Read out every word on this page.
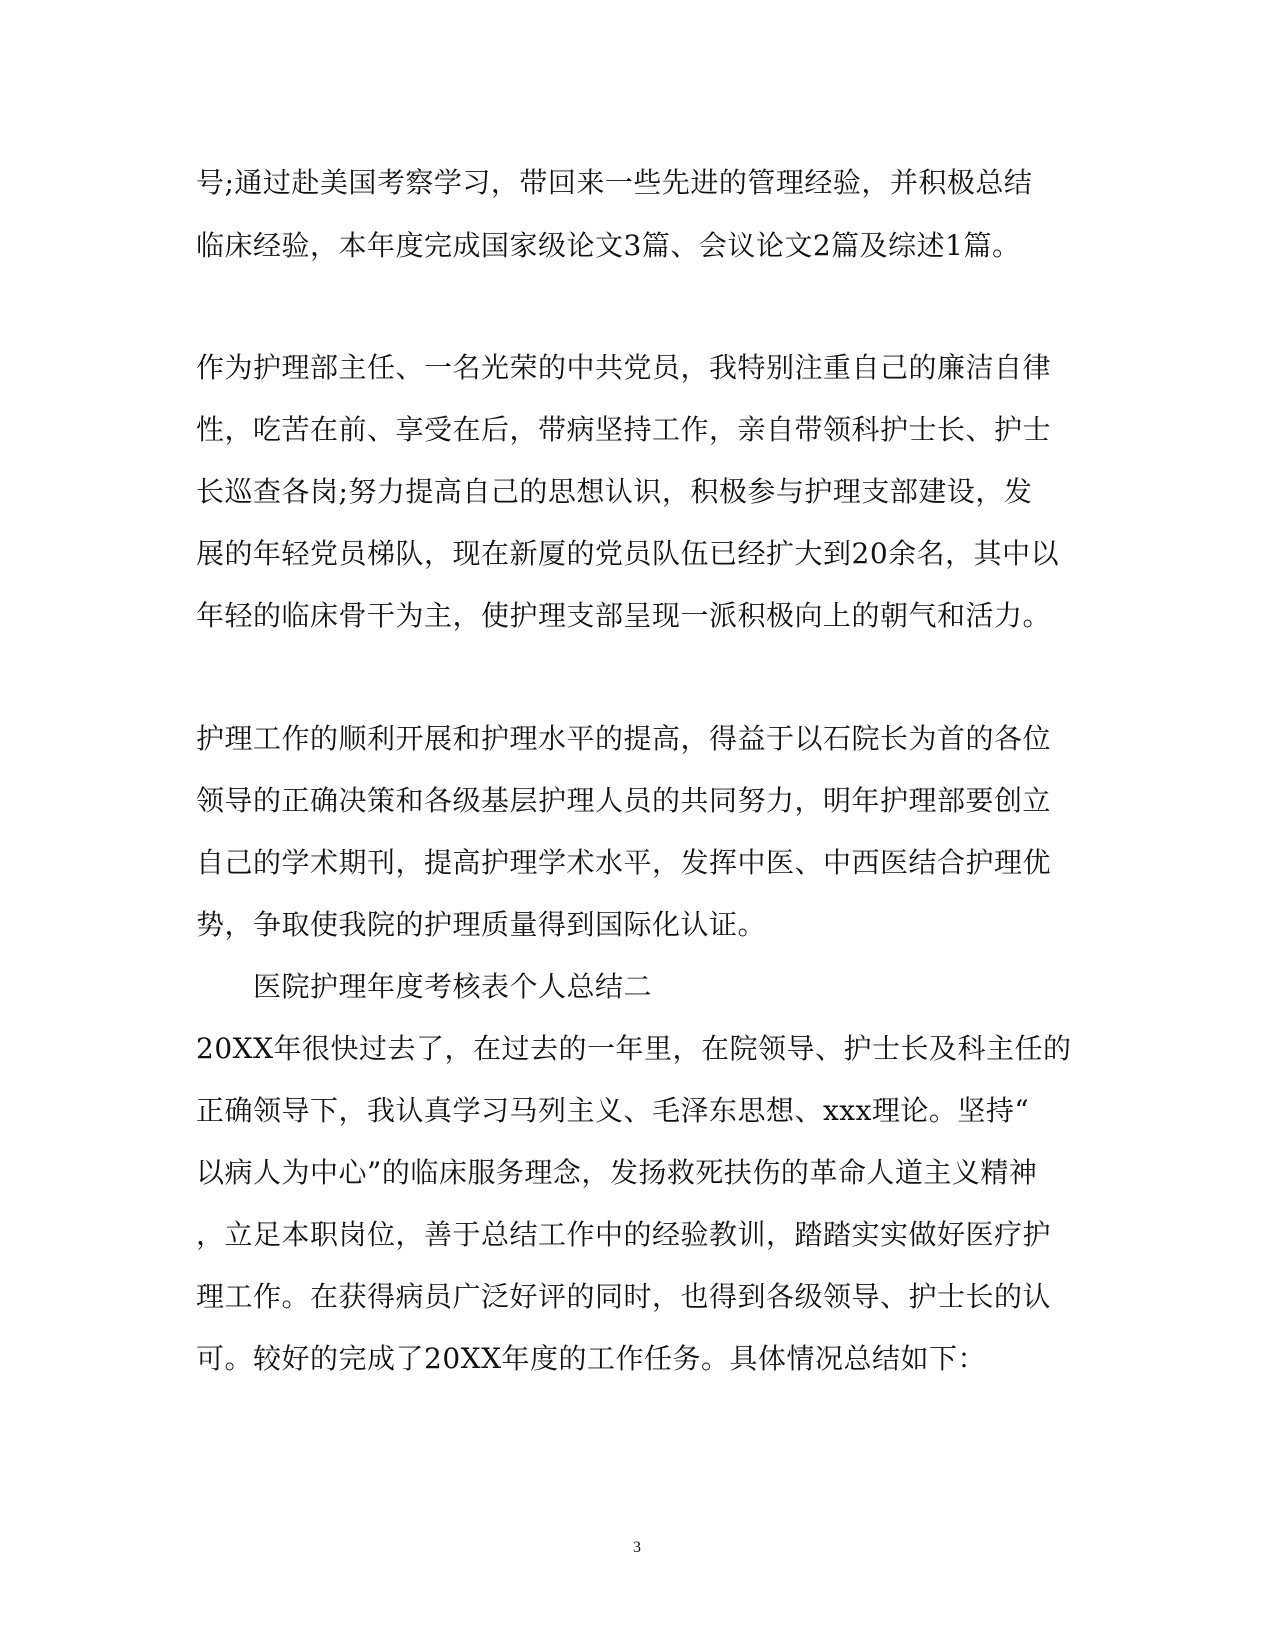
号;通过赴美国考察学习，带回来一些先进的管理经验，并积极总结
临床经验，本年度完成国家级论文3篇、会议论文2篇及综述1篇。
作为护理部主任、一名光荣的中共党员，我特别注重自己的廉洁自律
性，吃苦在前、享受在后，带病坚持工作，亲自带领科护士长、护士
长巡查各岗;努力提高自己的思想认识，积极参与护理支部建设，发
展的年轻党员梯队，现在新厦的党员队伍已经扩大到20余名，其中以
年轻的临床骨干为主，使护理支部呈现一派积极向上的朝气和活力。
护理工作的顺利开展和护理水平的提高，得益于以石院长为首的各位
领导的正确决策和各级基层护理人员的共同努力，明年护理部要创立
自己的学术期刊，提高护理学术水平，发挥中医、中西医结合护理优
势，争取使我院的护理质量得到国际化认证。
医院护理年度考核表个人总结二
20XX年很快过去了，在过去的一年里，在院领导、护士长及科主任的
正确领导下，我认真学习马列主义、毛泽东思想、xxx理论。坚持“
以病人为中心”的临床服务理念，发扬救死扶伤的革命人道主义精神
，立足本职岗位，善于总结工作中的经验教训，踏踏实实做好医疗护
理工作。在获得病员广泛好评的同时，也得到各级领导、护士长的认
可。较好的完成了20XX年度的工作任务。具体情况总结如下：
3
